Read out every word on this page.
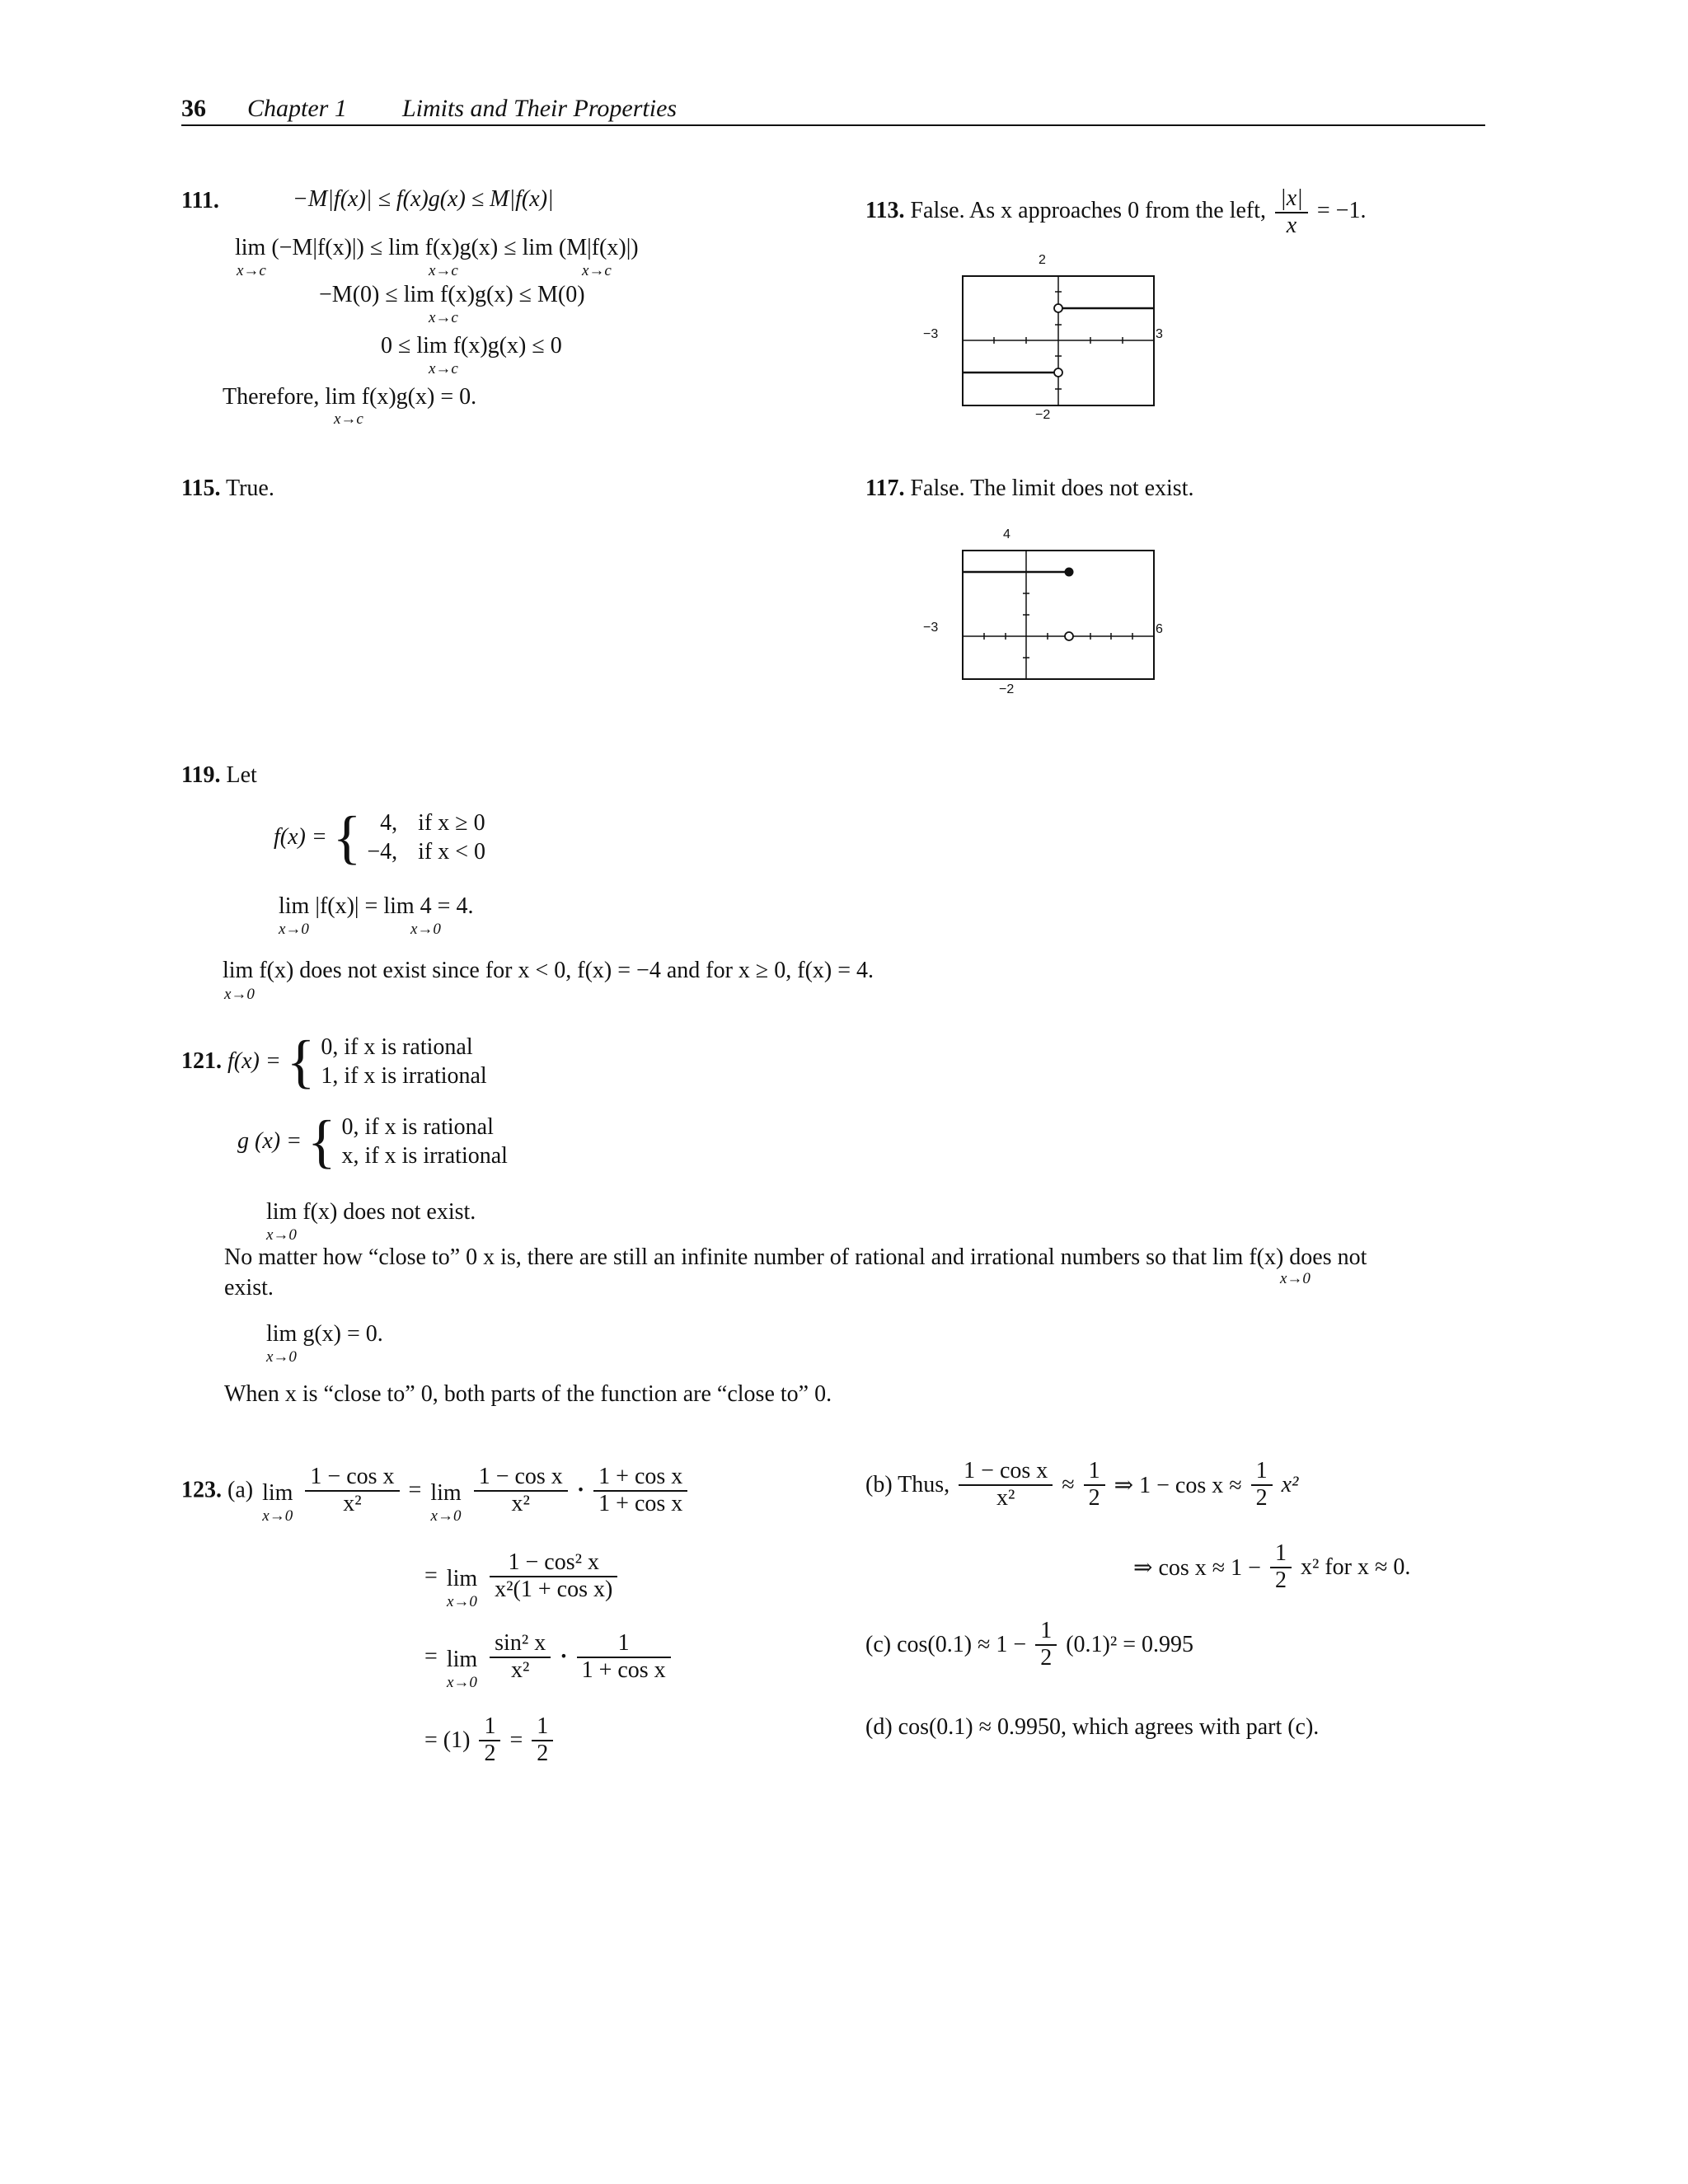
36 Chapter 1 Limits and Their Properties
111.	−M|f(x)| ≤ f(x)g(x) ≤ M|f(x)|
lim (−M|f(x)|) ≤ lim f(x)g(x) ≤ lim (M|f(x)|)
x→c	x→c	x→c
−M(0) ≤ lim f(x)g(x) ≤ M(0)
x→c
0 ≤ lim f(x)g(x) ≤ 0
x→c
Therefore, lim f(x)g(x) = 0.
x→c
113. False. As x approaches 0 from the left, $\frac{|x|}{x} = -1$.
2
−3	3
−2
115. True.	117. False. The limit does not exist.
4
−3	6
−2
119. Let
f(x) = { 4,
−4,

if x ≥ 0
if x < 0
lim |f(x)| = lim 4 = 4.
x→0	x→0
lim f(x) does not exist since for x < 0, f(x) = −4 and for x ≥ 0, f(x) = 4.
x→0
121. f(x) = { 0, if x is rational
1, if x is irrational
g (x) = { 0, if x is rational
x, if x is irrational
lim f(x) does not exist.
x→0
No matter how “close to” 0 x is, there are still an infinite number of rational and irrational numbers so that lim f(x) does not
x→0
exist.
lim g(x) = 0.
x→0
When x is “close to” 0, both parts of the function are “close to” 0.
123. (a) lim
x→0
$\frac{\text{1 − cos x}}{\text{x²}} = \lim$
x→0
$\frac{\text{1 − cos x}}{\text{x²}} \cdot \frac{\text{1 + cos x}}{\text{1 + cos x}}$
= lim
x→0
$\frac{\text{1 − cos² x}}{\text{x²(1 + cos x)}}$
= lim
x→0
$\frac{\text{sin² x}}{\text{x²}} \cdot \frac{1}{\text{1 + cos x}}$
= $(1) \frac{1}{2} = \frac{1}{2}$
(b) Thus, $\frac{\text{1 − cos x}}{\text{x²}} \approx \frac{1}{2}$ ⇒ $1 - \cos x \approx \frac{1}{2} x^2$
⇒ $\cos x \approx 1 - \frac{1}{2} x^2$ for x ≈ 0.
(c) $\cos(0.1) \approx 1 - \frac{1}{2} (0.1)^2 = 0.995$
(d) cos(0.1) ≈ 0.9950, which agrees with part (c).
